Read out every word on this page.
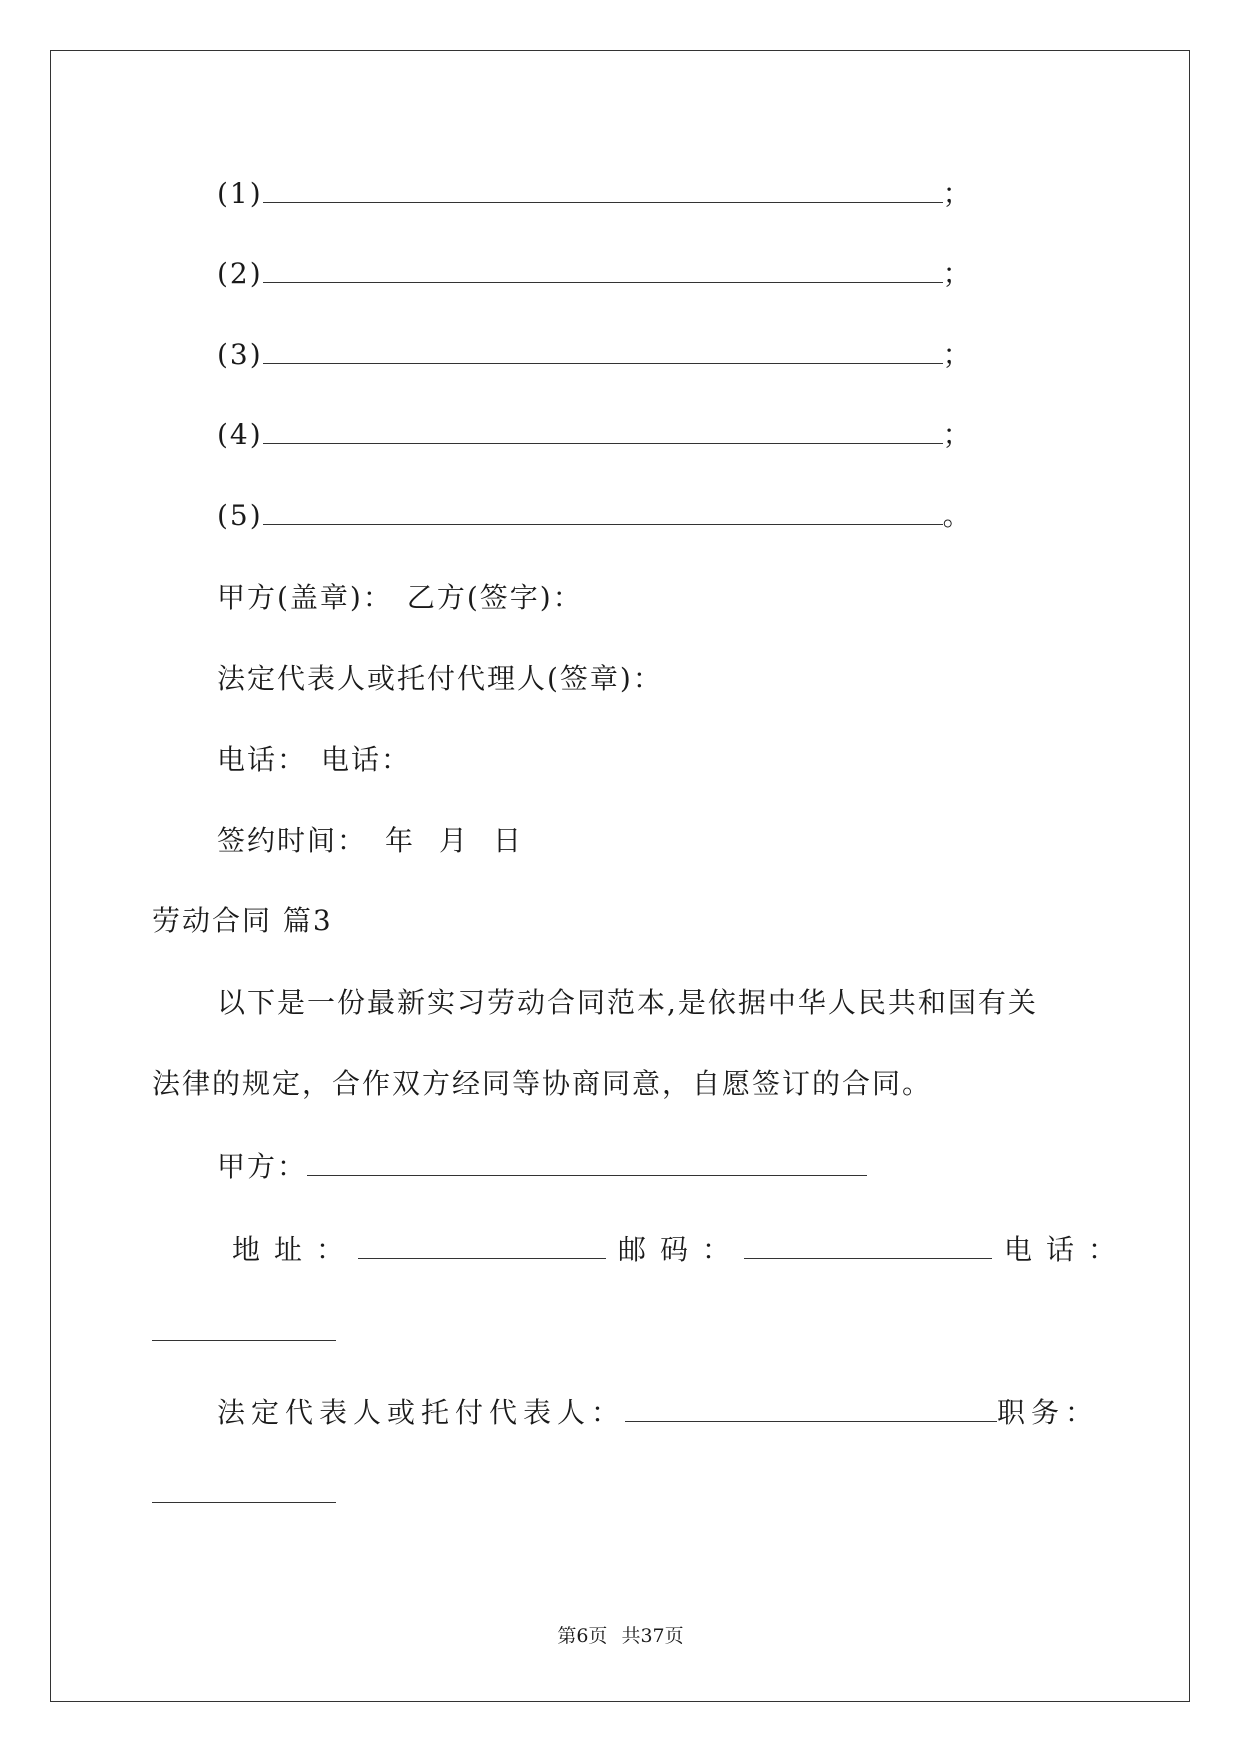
(1)	；
(2)	；
(3)	；
(4)	；
(5)	。
甲方(盖章)： 乙方(签字)：
法定代表人或托付代理人(签章)：
电话： 电话：
签约时间： 年 月 日
劳动合同 篇3
以下是一份最新实习劳动合同范本,是依据中华人民共和国有关
法律的规定，合作双方经同等协商同意，自愿签订的合同。
甲方：
地址：	邮码：	电话：
法定代表人或托付代表人：	职务：
第6页 共37页
